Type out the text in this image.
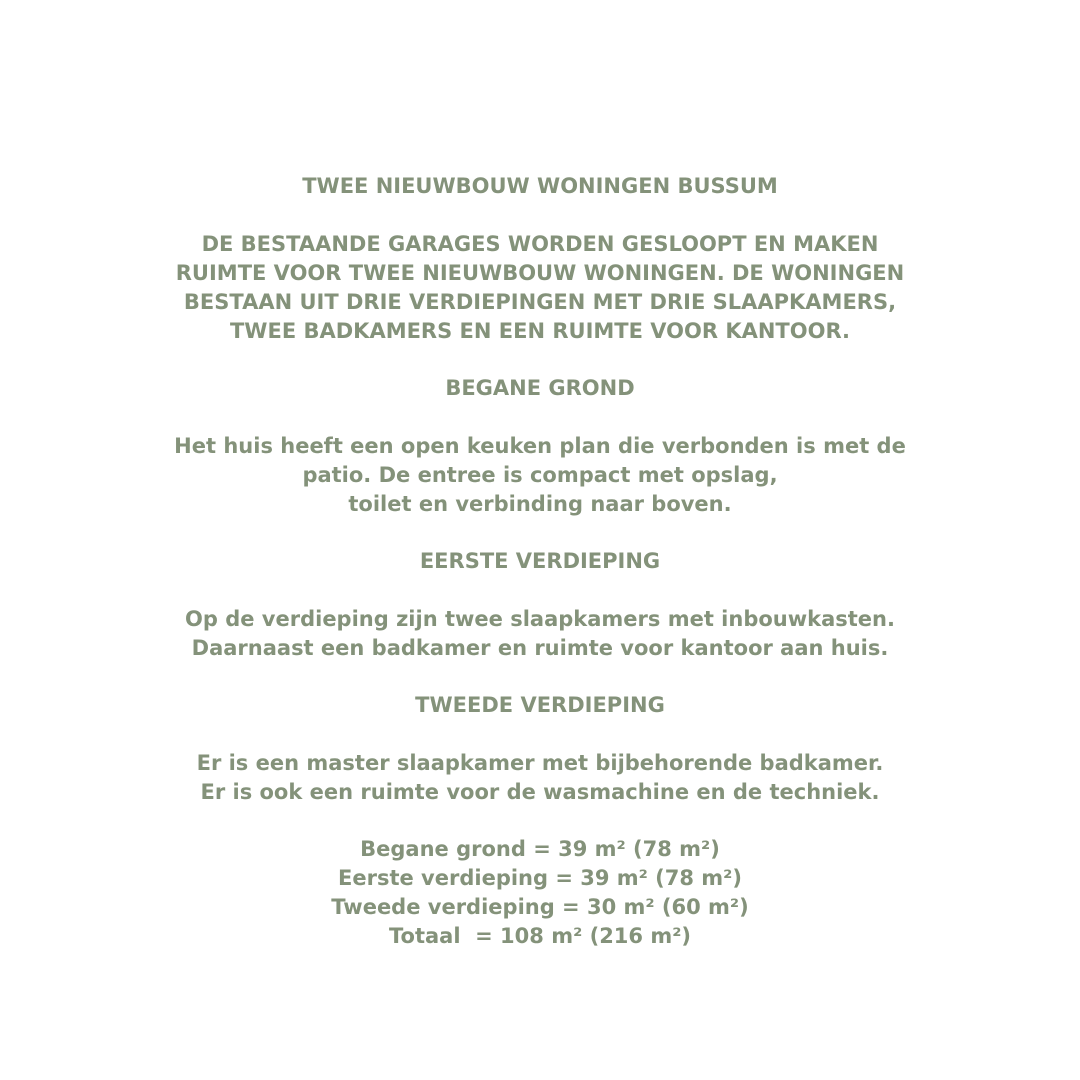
TWEE NIEUWBOUW WONINGEN BUSSUM
DE BESTAANDE GARAGES WORDEN GESLOOPT EN MAKEN
RUIMTE VOOR TWEE NIEUWBOUW WONINGEN. DE WONINGEN
BESTAAN UIT DRIE VERDIEPINGEN MET DRIE SLAAPKAMERS,
TWEE BADKAMERS EN EEN RUIMTE VOOR KANTOOR.
BEGANE GROND
Het huis heeft een open keuken plan die verbonden is met de
patio. De entree is compact met opslag,
toilet en verbinding naar boven.
EERSTE VERDIEPING
Op de verdieping zijn twee slaapkamers met inbouwkasten.
Daarnaast een badkamer en ruimte voor kantoor aan huis.
TWEEDE VERDIEPING
Er is een master slaapkamer met bijbehorende badkamer.
Er is ook een ruimte voor de wasmachine en de techniek.
Begane grond = 39 m² (78 m²)
Eerste verdieping = 39 m² (78 m²)
Tweede verdieping = 30 m² (60 m²)
Totaal  = 108 m² (216 m²)
